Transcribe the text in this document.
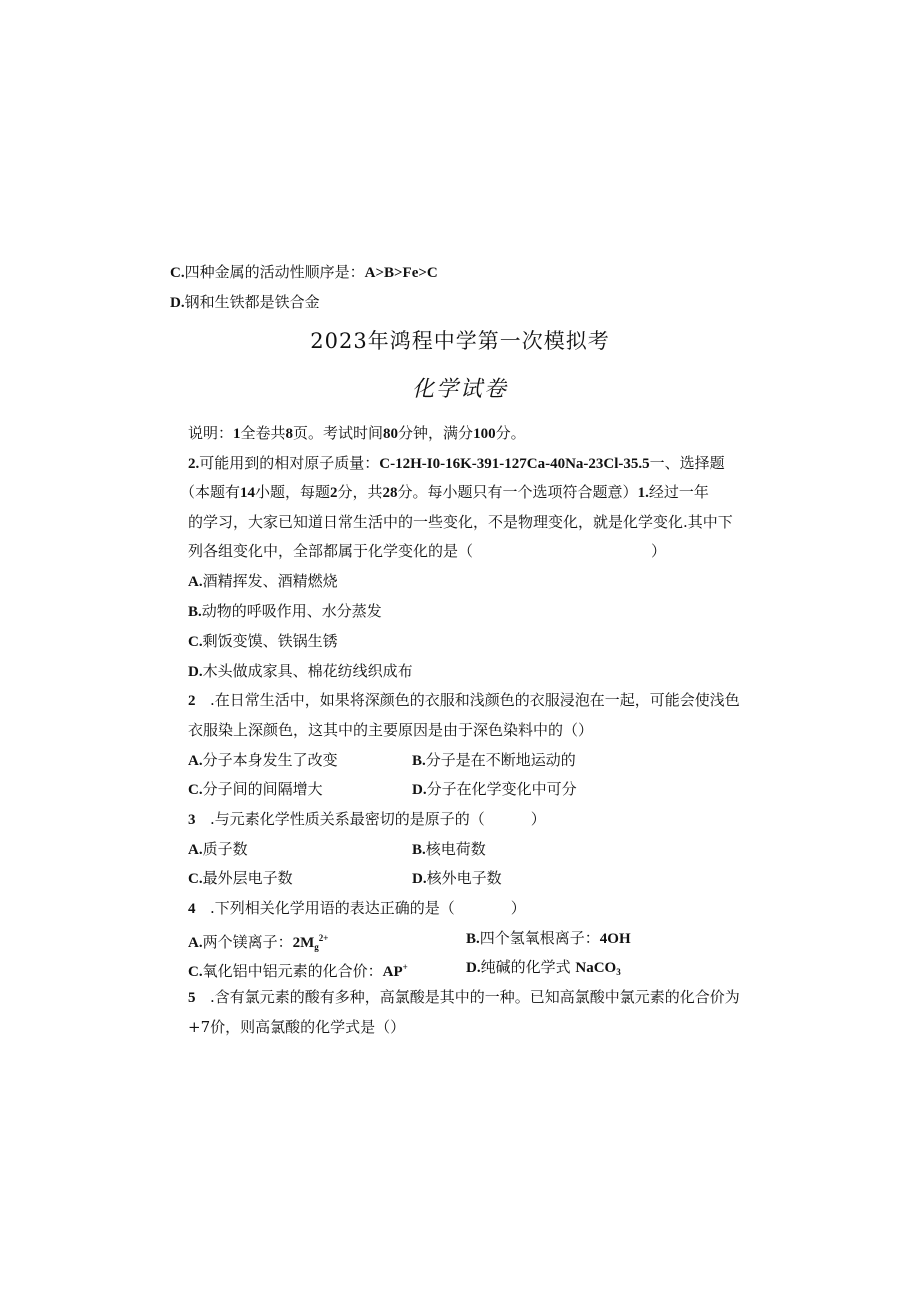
C.四种金属的活动性顺序是：A>B>Fe>C
D.钢和生铁都是铁合金
2023年鸿程中学第一次模拟考
化学试卷
说明：1全卷共8页。考试时间80分钟，满分100分。
2.可能用到的相对原子质量：C-12H-I0-16K-391-127Ca-40Na-23Cl-35.5一、选择题
（本题有14小题，每题2分，共28分。每小题只有一个选项符合题意）1.经过一年
的学习，大家已知道日常生活中的一些变化，不是物理变化，就是化学变化.其中下
列各组变化中，全部都属于化学变化的是（	）
A.酒精挥发、酒精燃烧
B.动物的呼吸作用、水分蒸发
C.剩饭变馍、铁锅生锈
D.木头做成家具、棉花纺线织成布
2 .在日常生活中，如果将深颜色的衣服和浅颜色的衣服浸泡在一起，可能会使浅色
衣服染上深颜色，这其中的主要原因是由于深色染料中的（）
A.分子本身发生了改变	B.分子是在不断地运动的
C.分子间的间隔增大	D.分子在化学变化中可分
3 .与元素化学性质关系最密切的是原子的（	）
A.质子数	B.核电荷数
C.最外层电子数	D.核外电子数
4 .下列相关化学用语的表达正确的是（	）
A.两个镁离子：$2M_g^{2+}$	B.四个氢氧根离子：4OH
C.氧化铝中铝元素的化合价：AP+	D.纯碱的化学式 NaCO$_3$
5 .含有氯元素的酸有多种，高氯酸是其中的一种。已知高氯酸中氯元素的化合价为
+7价，则高氯酸的化学式是（）
